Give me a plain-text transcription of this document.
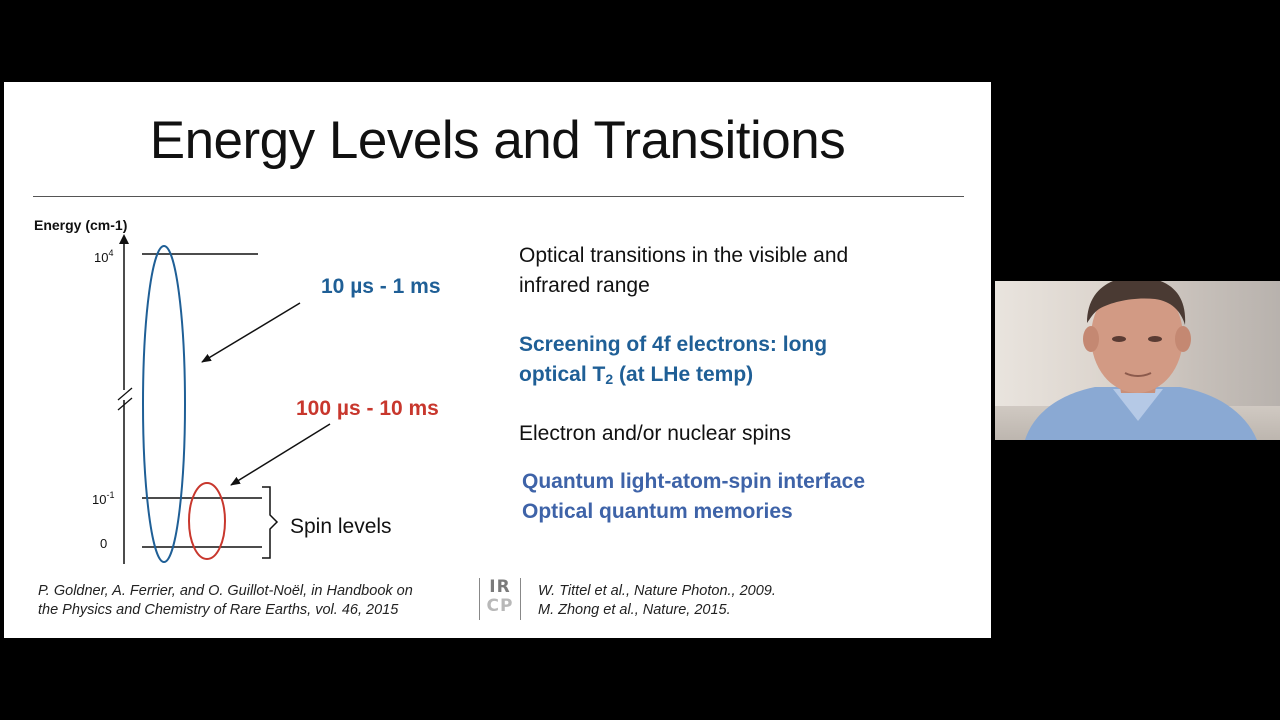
Energy Levels and Transitions
Energy (cm-1)
$10^4$
$10^{-1}$
0
10 µs - 1 ms
100 µs - 10 ms
Spin levels
Optical transitions in the visible and
infrared range
Screening of 4f electrons: long
optical $T_2$ (at LHe temp)
Electron and/or nuclear spins
Quantum light-atom-spin interface
Optical quantum memories
P. Goldner, A. Ferrier, and O. Guillot-Noël, in Handbook on
the Physics and Chemistry of Rare Earths, vol. 46, 2015
IR
CP
W. Tittel et al., Nature Photon., 2009.
M. Zhong et al., Nature, 2015.
